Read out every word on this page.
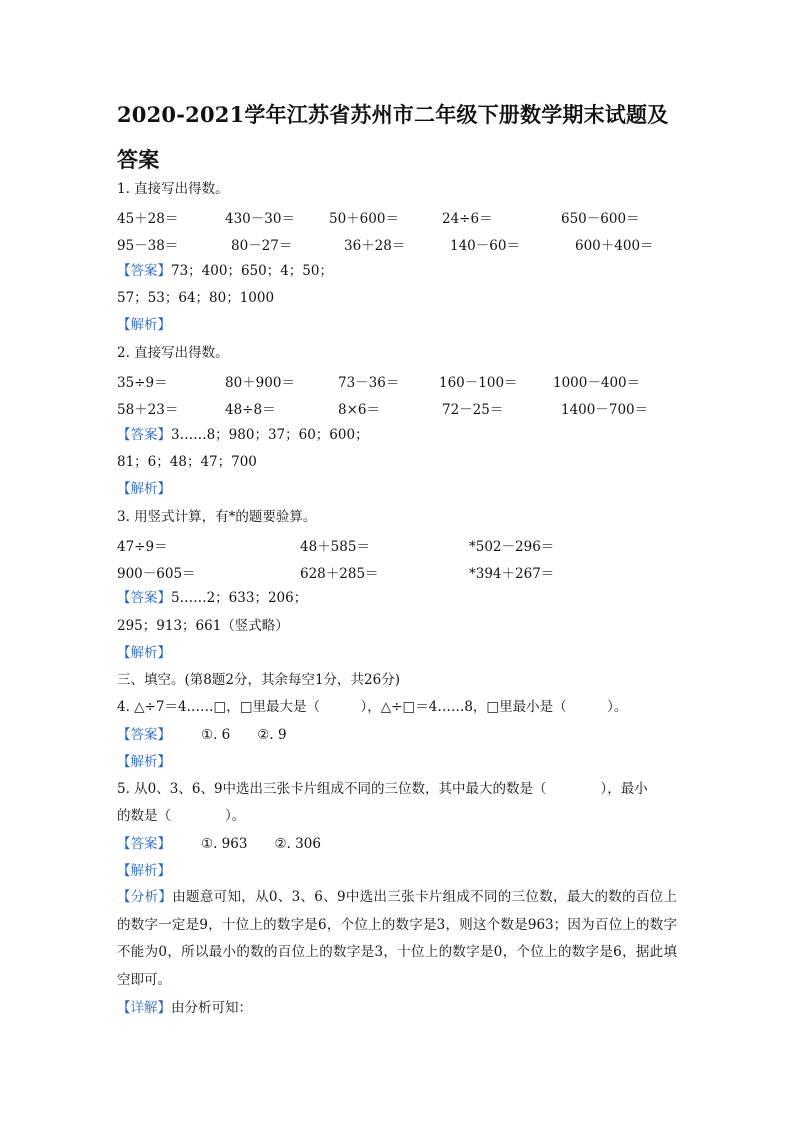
2020-2021学年江苏省苏州市二年级下册数学期末试题及答案
1. 直接写出得数。
45＋28＝	430－30＝	50＋600＝	24÷6＝	650－600＝
95－38＝	80－27＝	36＋28＝	140－60＝	600＋400＝
【答案】73；400；650；4；50；
57；53；64；80；1000
【解析】
2. 直接写出得数。
35÷9＝	80＋900＝	73－36＝	160－100＝	1000－400＝
58＋23＝	48÷8＝	8×6＝	72－25＝	1400－700＝
【答案】3……8；980；37；60；600；
81；6；48；47；700
【解析】
3. 用竖式计算，有*的题要验算。
47÷9＝	48＋585＝	*502－296＝
900－605＝	628＋285＝	*394＋267＝
【答案】5……2；633；206；
295；913；661（竖式略）
【解析】
三、填空。(第8题2分，其余每空1分，共26分)
4. △÷7＝4……□，□里最大是（　　　），△÷□＝4……8，□里最小是（　　　）。
【答案】 ①. 6　　②. 9
【解析】
5. 从0、3、6、9中选出三张卡片组成不同的三位数，其中最大的数是（　　　　），最小
的数是（　　　　）。
【答案】 ①. 963　　②. 306
【解析】
【分析】由题意可知，从0、3、6、9中选出三张卡片组成不同的三位数，最大的数的百位上的数字一定是9，十位上的数字是6，个位上的数字是3，则这个数是963；因为百位上的数字不能为0，所以最小的数的百位上的数字是3，十位上的数字是0，个位上的数字是6，据此填空即可。
【详解】由分析可知：
